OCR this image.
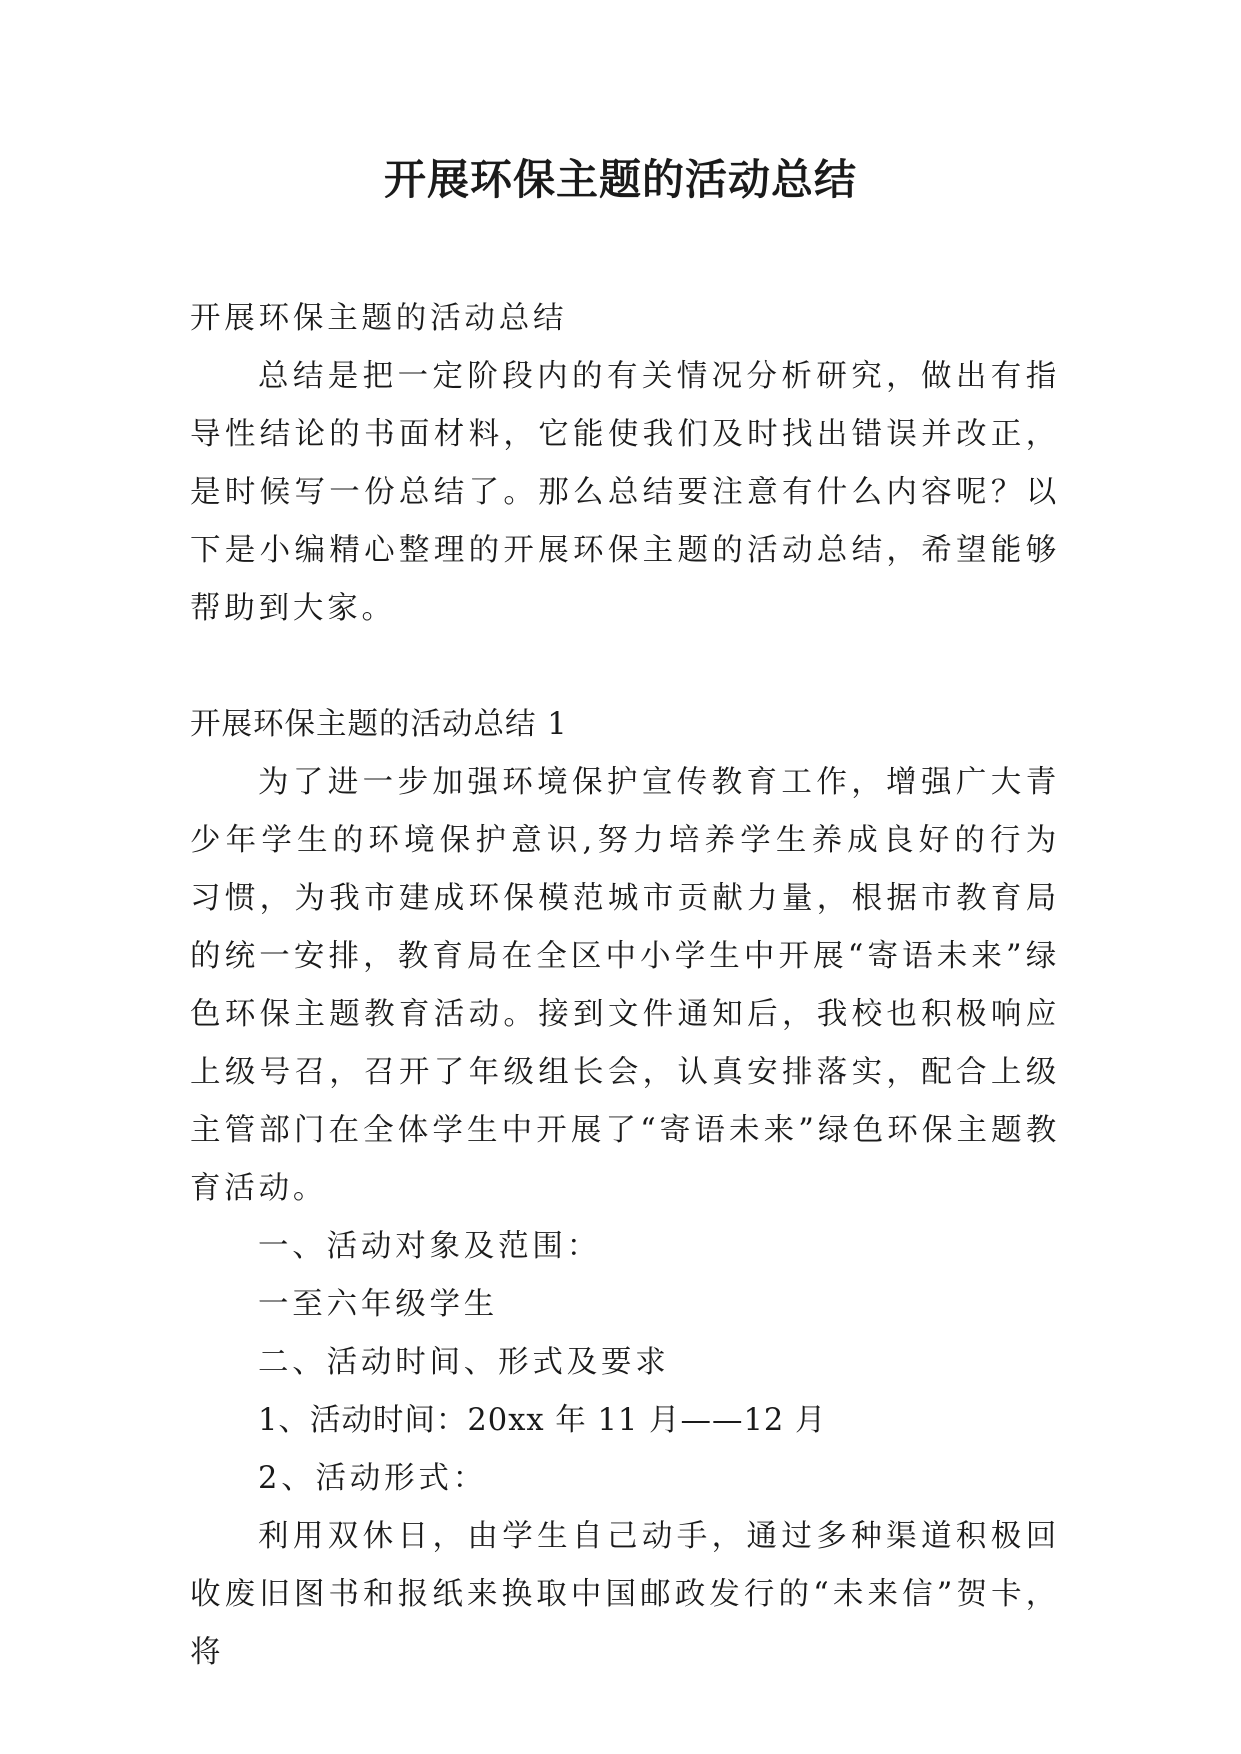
开展环保主题的活动总结

开展环保主题的活动总结

总结是把一定阶段内的有关情况分析研究，做出有指导性结论的书面材料，它能使我们及时找出错误并改正，是时候写一份总结了。那么总结要注意有什么内容呢？以下是小编精心整理的开展环保主题的活动总结，希望能够帮助到大家。

开展环保主题的活动总结 1

为了进一步加强环境保护宣传教育工作，增强广大青少年学生的环境保护意识,努力培养学生养成良好的行为习惯，为我市建成环保模范城市贡献力量，根据市教育局的统一安排，教育局在全区中小学生中开展“寄语未来”绿色环保主题教育活动。接到文件通知后，我校也积极响应上级号召，召开了年级组长会，认真安排落实，配合上级主管部门在全体学生中开展了“寄语未来”绿色环保主题教育活动。

一、活动对象及范围：

一至六年级学生

二、活动时间、形式及要求

1、活动时间：20xx 年 11 月——12 月

2、活动形式：

利用双休日，由学生自己动手，通过多种渠道积极回收废旧图书和报纸来换取中国邮政发行的“未来信”贺卡，将
